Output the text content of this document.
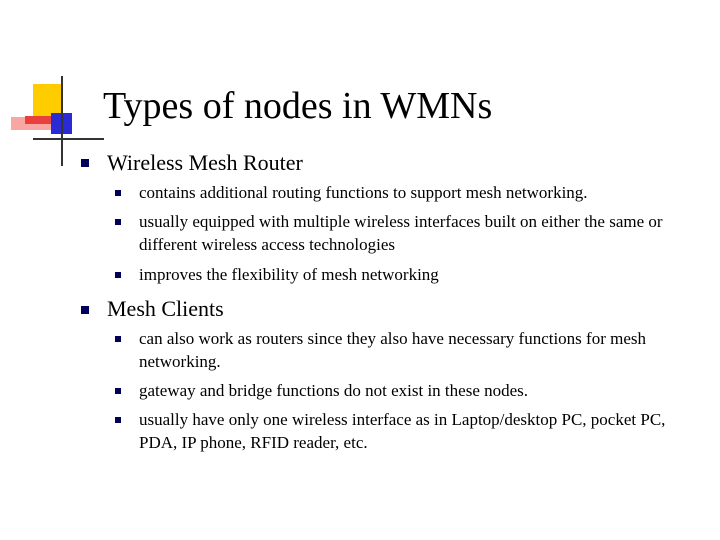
Types of nodes in WMNs
Wireless Mesh Router
contains additional routing functions to support mesh networking.
usually equipped with multiple wireless interfaces built on either the same or different wireless access technologies
improves the flexibility of mesh networking
Mesh Clients
can also work as routers since they also have necessary functions for mesh networking.
gateway and bridge functions do not exist in these nodes.
usually have only one wireless interface as in Laptop/desktop PC, pocket PC, PDA, IP phone, RFID reader, etc.
